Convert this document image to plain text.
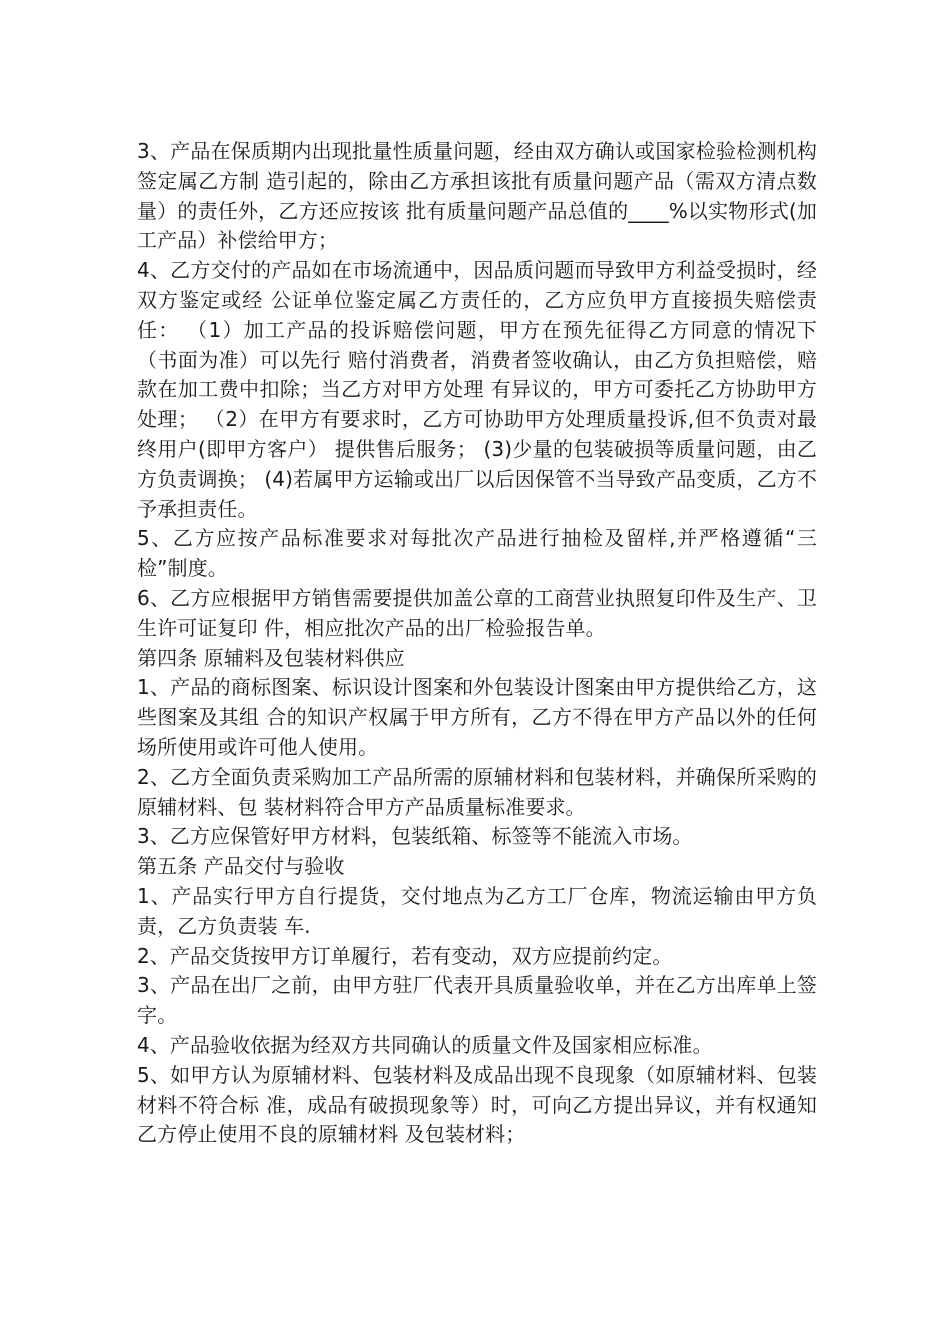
3、产品在保质期内出现批量性质量问题，经由双方确认或国家检验检测机构签定属乙方制 造引起的，除由乙方承担该批有质量问题产品（需双方清点数量）的责任外，乙方还应按该 批有质量问题产品总值的____%以实物形式(加工产品）补偿给甲方；

4、乙方交付的产品如在市场流通中，因品质问题而导致甲方利益受损时，经双方鉴定或经 公证单位鉴定属乙方责任的，乙方应负甲方直接损失赔偿责任： （1）加工产品的投诉赔偿问题，甲方在预先征得乙方同意的情况下（书面为准）可以先行 赔付消费者，消费者签收确认，由乙方负担赔偿，赔款在加工费中扣除；当乙方对甲方处理 有异议的，甲方可委托乙方协助甲方处理； （2）在甲方有要求时，乙方可协助甲方处理质量投诉,但不负责对最终用户(即甲方客户） 提供售后服务； (3)少量的包装破损等质量问题，由乙方负责调换； (4)若属甲方运输或出厂以后因保管不当导致产品变质，乙方不予承担责任。

5、乙方应按产品标准要求对每批次产品进行抽检及留样,并严格遵循“三检”制度。

6、乙方应根据甲方销售需要提供加盖公章的工商营业执照复印件及生产、卫生许可证复印 件，相应批次产品的出厂检验报告单。

第四条 原辅料及包装材料供应

1、产品的商标图案、标识设计图案和外包装设计图案由甲方提供给乙方，这些图案及其组 合的知识产权属于甲方所有，乙方不得在甲方产品以外的任何场所使用或许可他人使用。

2、乙方全面负责采购加工产品所需的原辅材料和包装材料，并确保所采购的原辅材料、包 装材料符合甲方产品质量标准要求。

3、乙方应保管好甲方材料，包装纸箱、标签等不能流入市场。

第五条 产品交付与验收

1、产品实行甲方自行提货，交付地点为乙方工厂仓库，物流运输由甲方负责，乙方负责装 车.

2、产品交货按甲方订单履行，若有变动，双方应提前约定。

3、产品在出厂之前，由甲方驻厂代表开具质量验收单，并在乙方出库单上签字。

4、产品验收依据为经双方共同确认的质量文件及国家相应标准。

5、如甲方认为原辅材料、包装材料及成品出现不良现象（如原辅材料、包装材料不符合标 准，成品有破损现象等）时，可向乙方提出异议，并有权通知乙方停止使用不良的原辅材料 及包装材料；
